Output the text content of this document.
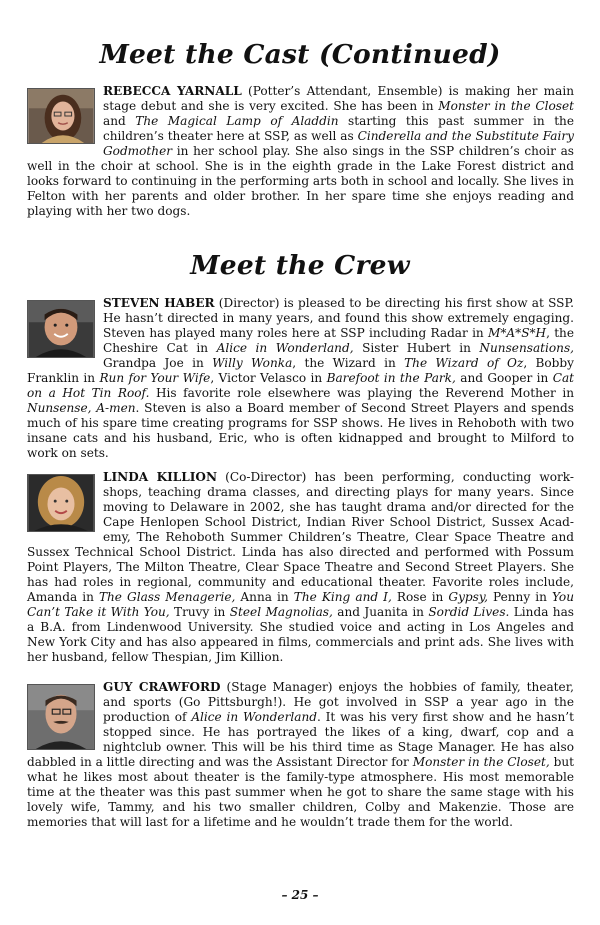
Meet the Cast (Continued)
REBECCA YARNALL (Potter’s Attendant, Ensemble) is making her main stage debut and she is very excited. She has been in Monster in the Closet and The Magical Lamp of Aladdin starting this past summer in the children’s theater here at SSP, as well as Cinderella and the Substitute Fairy Godmother in her school play. She also sings in the SSP children’s choir as well in the choir at school. She is in the eighth grade in the Lake Forest district and looks forward to continuing in the performing arts both in school and locally. She lives in Felton with her parents and older brother. In her spare time she enjoys reading and playing with her two dogs.
Meet the Crew
STEVEN HABER (Director) is pleased to be directing his first show at SSP. He hasn’t directed in many years, and found this show extremely engaging. Steven has played many roles here at SSP including Radar in M*A*S*H, the Cheshire Cat in Alice in Wonderland, Sister Hubert in Nunsensations, Grandpa Joe in Willy Wonka, the Wizard in The Wizard of Oz, Bobby Franklin in Run for Your Wife, Victor Velasco in Barefoot in the Park, and Gooper in Cat on a Hot Tin Roof. His favorite role elsewhere was playing the Reverend Mother in Nunsense, A-men. Steven is also a Board member of Second Street Players and spends much of his spare time creating programs for SSP shows. He lives in Rehoboth with two insane cats and his husband, Eric, who is often kidnapped and brought to Milford to work on sets.
LINDA KILLION (Co-Director) has been performing, conducting work-shops, teaching drama classes, and directing plays for many years. Since moving to Delaware in 2002, she has taught drama and/or directed for the Cape Henlopen School District, Indian River School District, Sussex Acad-emy, The Rehoboth Summer Children’s Theatre, Clear Space Theatre and Sussex Technical School District. Linda has also directed and performed with Possum Point Players, The Milton Theatre, Clear Space Theatre and Second Street Players. She has had roles in regional, community and educational theater. Favorite roles include, Amanda in The Glass Menagerie, Anna in The King and I, Rose in Gypsy, Penny in You Can’t Take it With You, Truvy in Steel Magnolias, and Juanita in Sordid Lives. Linda has a B.A. from Lindenwood University. She studied voice and acting in Los Angeles and New York City and has also appeared in films, commercials and print ads. She lives with her husband, fellow Thespian, Jim Killion.
GUY CRAWFORD (Stage Manager) enjoys the hobbies of family, theater, and sports (Go Pittsburgh!). He got involved in SSP a year ago in the production of Alice in Wonderland. It was his very first show and he hasn’t stopped since. He has portrayed the likes of a king, dwarf, cop and a nightclub owner. This will be his third time as Stage Manager. He has also dabbled in a little directing and was the Assistant Director for Monster in the Closet, but what he likes most about theater is the family-type atmosphere. His most memorable time at the theater was this past summer when he got to share the same stage with his lovely wife, Tammy, and his two smaller children, Colby and Makenzie. Those are memories that will last for a lifetime and he wouldn’t trade them for the world.
– 25 –
